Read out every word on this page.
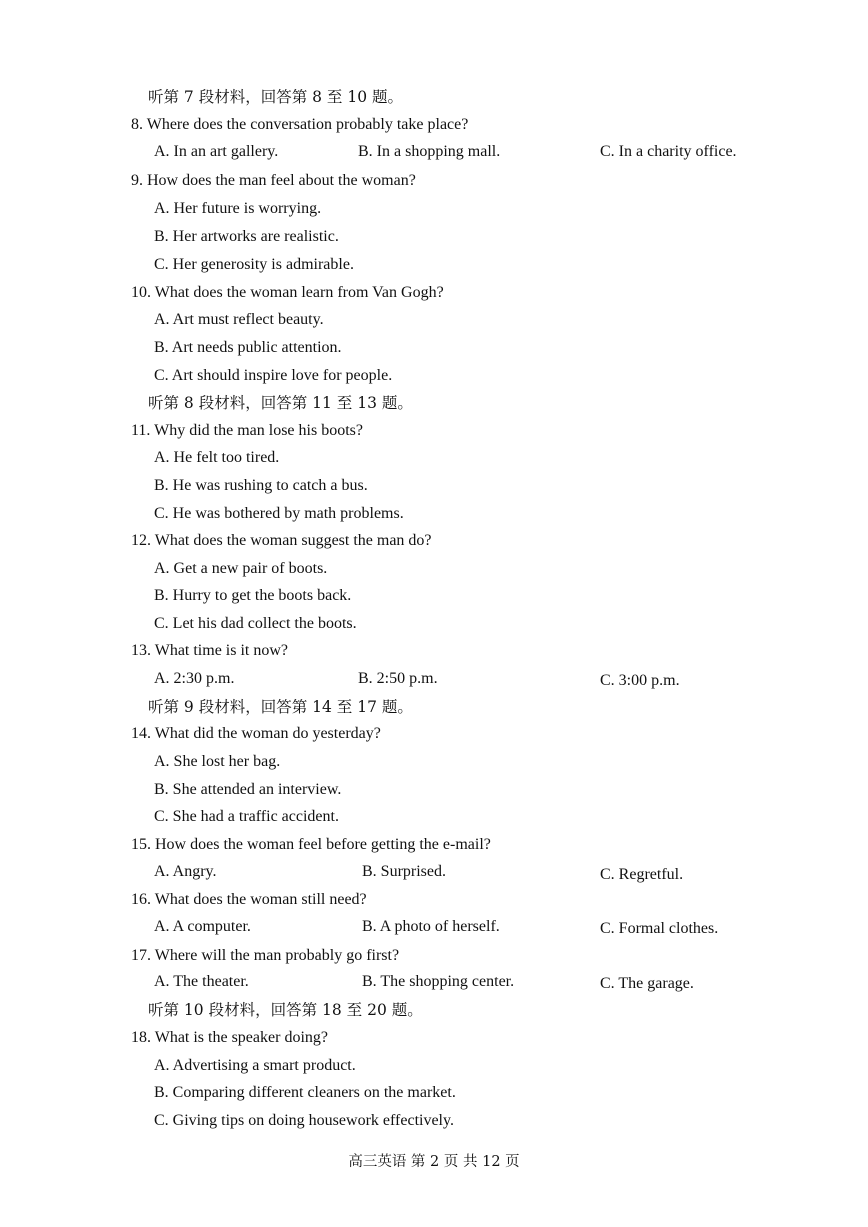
听第 7 段材料，回答第 8 至 10 题。
8. Where does the conversation probably take place?
A. In an art gallery.	B. In a shopping mall.	C. In a charity office.
9. How does the man feel about the woman?
A. Her future is worrying.
B. Her artworks are realistic.
C. Her generosity is admirable.
10. What does the woman learn from Van Gogh?
A. Art must reflect beauty.
B. Art needs public attention.
C. Art should inspire love for people.
听第 8 段材料，回答第 11 至 13 题。
11. Why did the man lose his boots?
A. He felt too tired.
B. He was rushing to catch a bus.
C. He was bothered by math problems.
12. What does the woman suggest the man do?
A. Get a new pair of boots.
B. Hurry to get the boots back.
C. Let his dad collect the boots.
13. What time is it now?
A. 2:30 p.m.	B. 2:50 p.m.	C. 3:00 p.m.
听第 9 段材料，回答第 14 至 17 题。
14. What did the woman do yesterday?
A. She lost her bag.
B. She attended an interview.
C. She had a traffic accident.
15. How does the woman feel before getting the e-mail?
A. Angry.	B. Surprised.	C. Regretful.
16. What does the woman still need?
A. A computer.	B. A photo of herself.	C. Formal clothes.
17. Where will the man probably go first?
A. The theater.	B. The shopping center.	C. The garage.
听第 10 段材料，回答第 18 至 20 题。
18. What is the speaker doing?
A. Advertising a smart product.
B. Comparing different cleaners on the market.
C. Giving tips on doing housework effectively.
高三英语 第 2 页 共 12 页
